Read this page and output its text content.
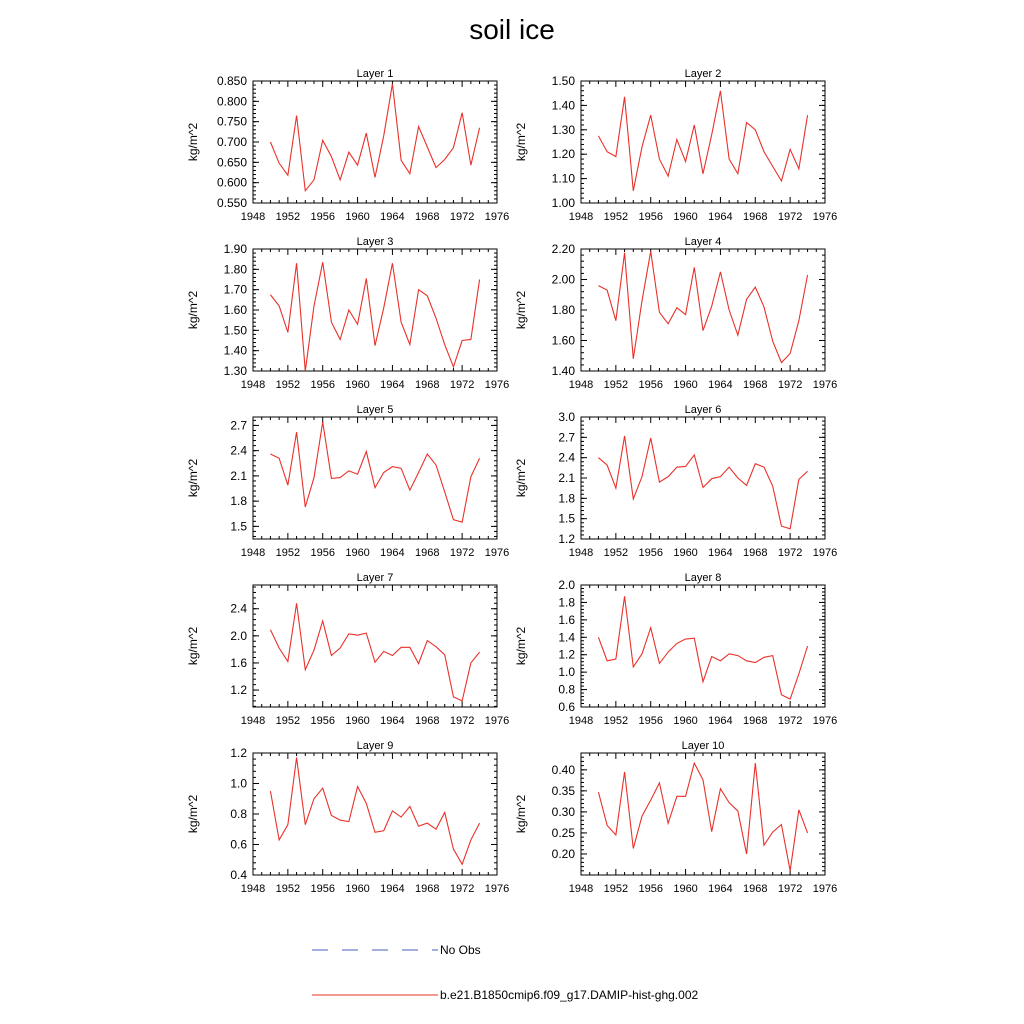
soil ice
Layer 1
kg/m^2
1948 1952 1956 1960 1964 1968 1972 1976
0.550
0.600
0.650
0.700
0.750
0.800
0.850	Layer 2
kg/m^2
1948 1952 1956 1960 1964 1968 1972 1976
1.00
1.10
1.20
1.30
1.40
1.50
Layer 3
kg/m^2
1948 1952 1956 1960 1964 1968 1972 1976
1.30
1.40
1.50
1.60
1.70
1.80
1.90	Layer 4
kg/m^2
1948 1952 1956 1960 1964 1968 1972 1976
1.40
1.60
1.80
2.00
2.20
Layer 5
kg/m^2
1948 1952 1956 1960 1964 1968 1972 1976
1.5
1.8
2.1
2.4
2.7
Layer 6
kg/m^2
1948 1952 1956 1960 1964 1968 1972 1976
1.2
1.5
1.8
2.1
2.4
2.7
3.0
Layer 7
kg/m^2
1948 1952 1956 1960 1964 1968 1972 1976
1.2
1.6
2.0
2.4
Layer 8
kg/m^2
1948 1952 1956 1960 1964 1968 1972 1976
0.6
0.8
1.0
1.2
1.4
1.6
1.8
2.0
Layer 9
kg/m^2
1948 1952 1956 1960 1964 1968 1972 1976
0.4
0.6
0.8
1.0
1.2	Layer 10
kg/m^2
1948 1952 1956 1960 1964 1968 1972 1976
0.20
0.25
0.30
0.35
0.40
No Obs
b.e21.B1850cmip6.f09_g17.DAMIP-hist-ghg.002
